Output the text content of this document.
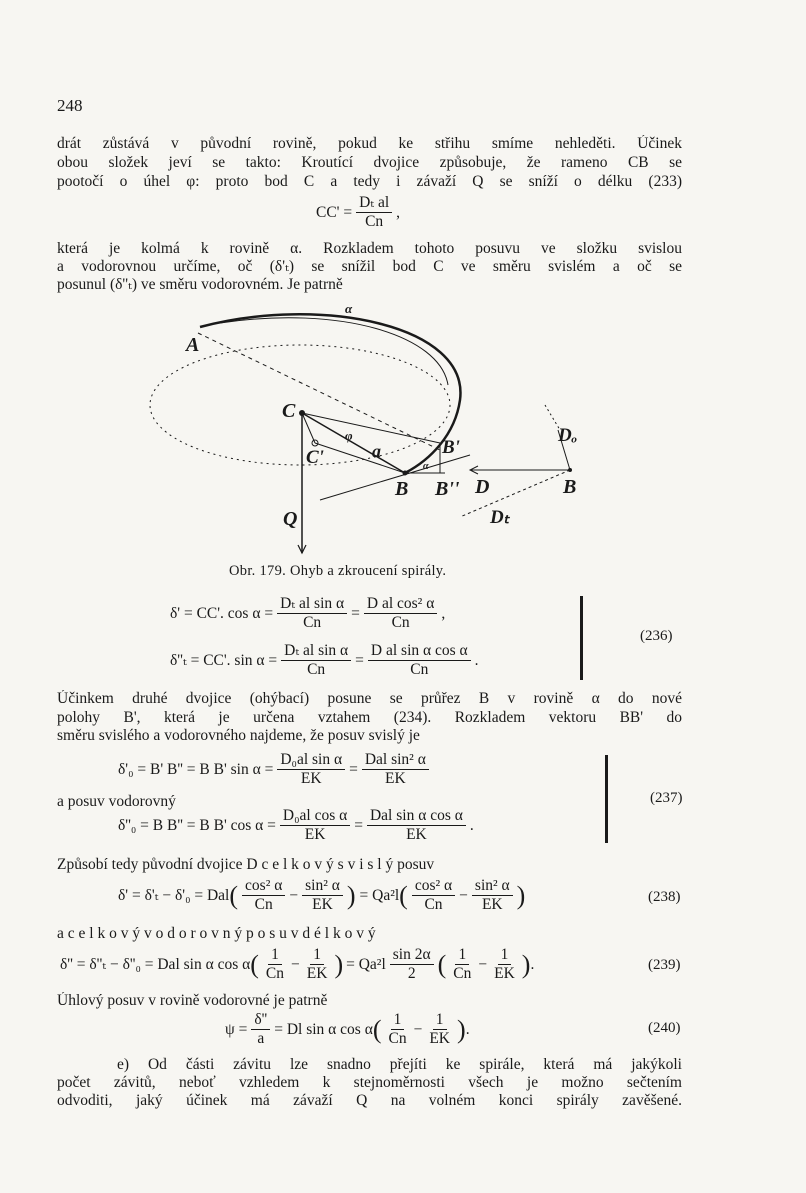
248
drát zůstává v původní rovině, pokud ke střihu smíme nehleděti. Účinek
obou složek jeví se takto: Kroutící dvojice způsobuje, že rameno CB se
pootočí o úhel φ: proto bod C a tedy i závaží Q se sníží o délku (233)
$CC' = \frac{\text{Dₜ al}}{Cn}$ ,
která je kolmá k rovině α. Rozkladem tohoto posuvu ve složku svislou
a vodorovnou určíme, oč (δ'ₜ) se snížil bod C ve směru svislém a oč se
posunul (δ''ₜ) ve směru vodorovném. Je patrně
A
α
C
C'
φ
a	B'
α
B B'' D	B
Dₒ
Dₜ
Q
Obr. 179. Ohyb a zkroucení spirály.
δ' = CC'. $\cos \alpha = \frac{\text{Dₜ al sin α}}{Cn} = \frac{\text{D al cos² α}}{Cn}$ ,
δ''ₜ = CC'. $\sin \alpha = \frac{\text{Dₜ al sin α}}{Cn} = \frac{\text{D al sin α cos α}}{Cn}$ .
(236)
Účinkem druhé dvojice (ohýbací) posune se průřez B v rovině α do nové
polohy B', která je určena vztahem (234). Rozkladem vektoru BB' do
směru svislého a vodorovného najdeme, že posuv svislý je
δ'₀ = B' B'' = B B' $\sin \alpha = \frac{\text{D₀al sin α}}{EK} = \frac{\text{Dal sin² α}}{EK}$
a posuv vodorovný
δ''₀ = B B'' = B B' $\cos \alpha = \frac{\text{D₀al cos α}}{EK} = \frac{\text{Dal sin α cos α}}{EK}$ .
(237)
Způsobí tedy původní dvojice D c e l k o v ý s v i s l ý posuv
δ' = δ'ₜ − δ'₀ = Dal ( $\frac{\text{cos² α}}{Cn} - \frac{\text{sin² α}}{EK}$ ) = Qa²l ( $\frac{\text{cos² α}}{Cn} - \frac{\text{sin² α}}{EK}$ )	(238)
a c e l k o v ý v o d o r o v n ý p o s u v d é l k o v ý
δ'' = δ''ₜ − δ''₀ = Dal sin α cos α ( $\frac{1}{Cn} - \frac{1}{EK}$ ) = $Qa^2l \frac{\sin 2\alpha}{2}$ ( $\frac{1}{Cn} - \frac{1}{EK}$ ) .	(239)
Úhlový posuv v rovině vodorovné je patrně
$\psi = \frac{\delta''}{a} = Dl$ sin α cos α ( $\frac{1}{Cn} - \frac{1}{EK}$ ) .	(240)
e) Od části závitu lze snadno přejíti ke spirále, která má jakýkoli
počet závitů, neboť vzhledem k stejnoměrnosti všech je možno sečtením
odvoditi, jaký účinek má závaží Q na volném konci spirály zavěšené.
